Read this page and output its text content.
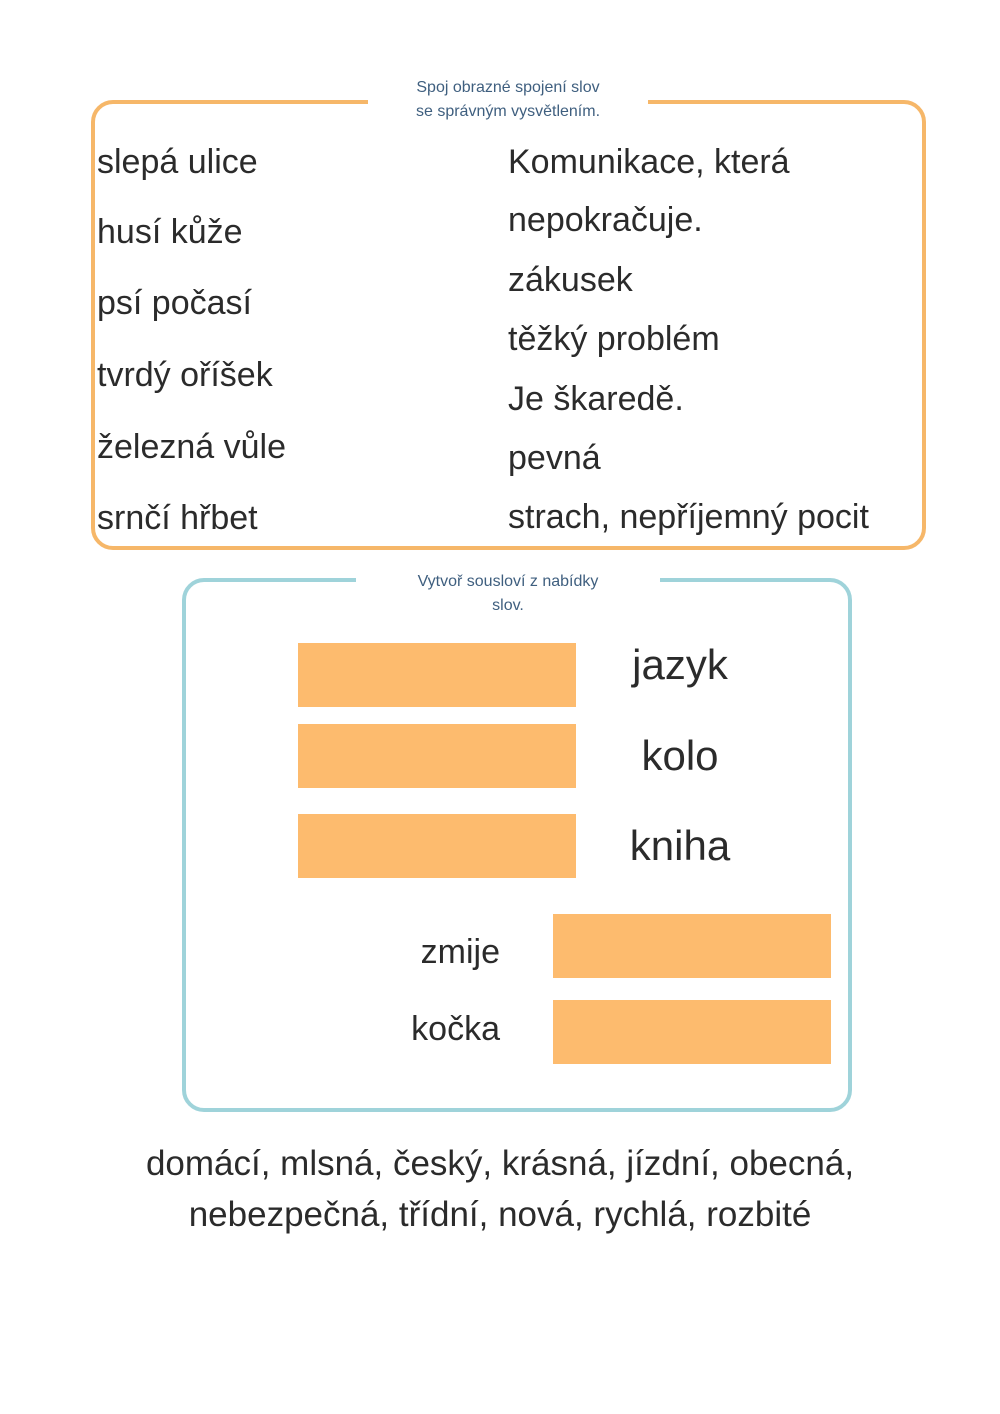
Spoj obrazné spojení slov
se správným vysvětlením.
slepá ulice
husí kůže
psí počasí
tvrdý oříšek
železná vůle
srnčí hřbet
Komunikace, která
nepokračuje.
zákusek
těžký problém
Je škaredě.
pevná
strach, nepříjemný pocit
Vytvoř sousloví z nabídky
slov.
jazyk
kolo
kniha
zmije
kočka
domácí, mlsná, český, krásná, jízdní, obecná,
nebezpečná, třídní, nová, rychlá, rozbité
